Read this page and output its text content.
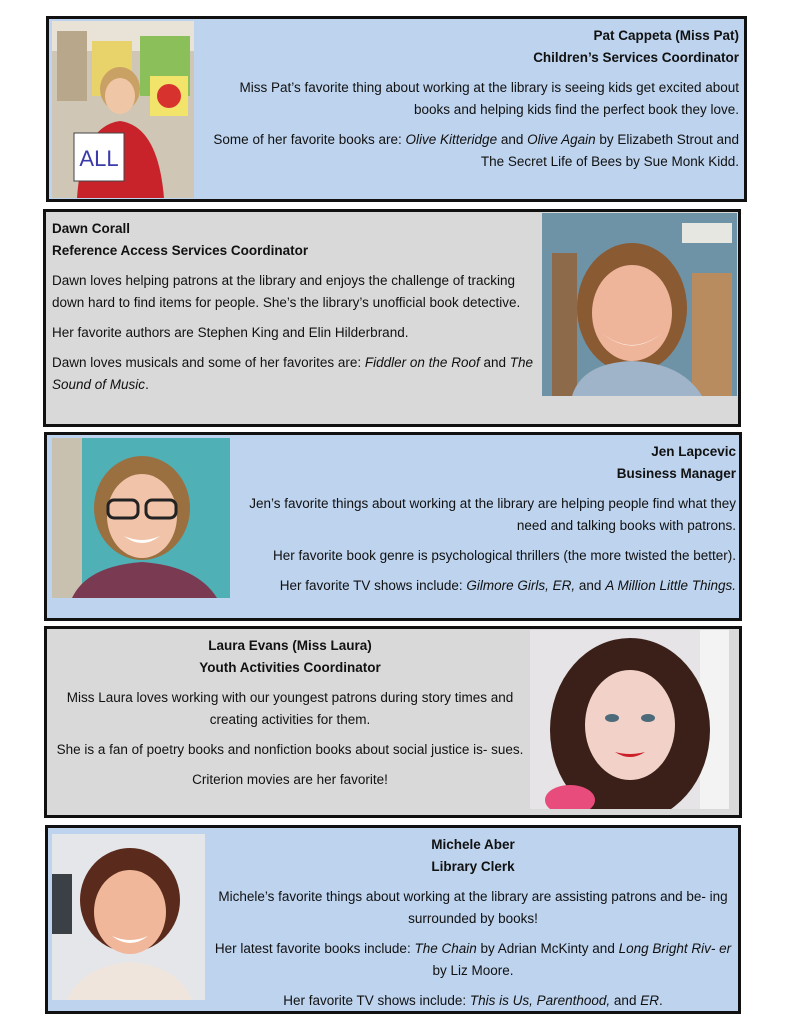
ALL
Pat Cappeta (Miss Pat)
Children’s Services Coordinator
Miss Pat’s favorite thing about working at the library is seeing kids get excited about books and helping kids find the perfect book they love.
Some of her favorite books are: Olive Kitteridge and Olive Again by Elizabeth Strout and The Secret Life of Bees by Sue Monk Kidd.
Dawn Corall
Reference Access Services Coordinator
Dawn loves helping patrons at the library and enjoys the challenge of tracking down hard to find items for people. She’s the library’s unofficial book detective.
Her favorite authors are Stephen King and Elin Hilderbrand.
Dawn loves musicals and some of her favorites are: Fiddler on the Roof and The Sound of Music.
Jen Lapcevic
Business Manager
Jen’s favorite things about working at the library are helping people find what they need and talking books with patrons.
Her favorite book genre is psychological thrillers (the more twisted the better).
Her favorite TV shows include: Gilmore Girls, ER, and A Million Little Things.
Laura Evans (Miss Laura)
Youth Activities Coordinator
Miss Laura loves working with our youngest patrons during story times and creating activities for them.
She is a fan of poetry books and nonfiction books about social justice is- sues.
Criterion movies are her favorite!
Michele Aber
Library Clerk
Michele’s favorite things about working at the library are assisting patrons and be- ing surrounded by books!
Her latest favorite books include: The Chain by Adrian McKinty and Long Bright Riv- er by Liz Moore.
Her favorite TV shows include: This is Us, Parenthood, and ER.
